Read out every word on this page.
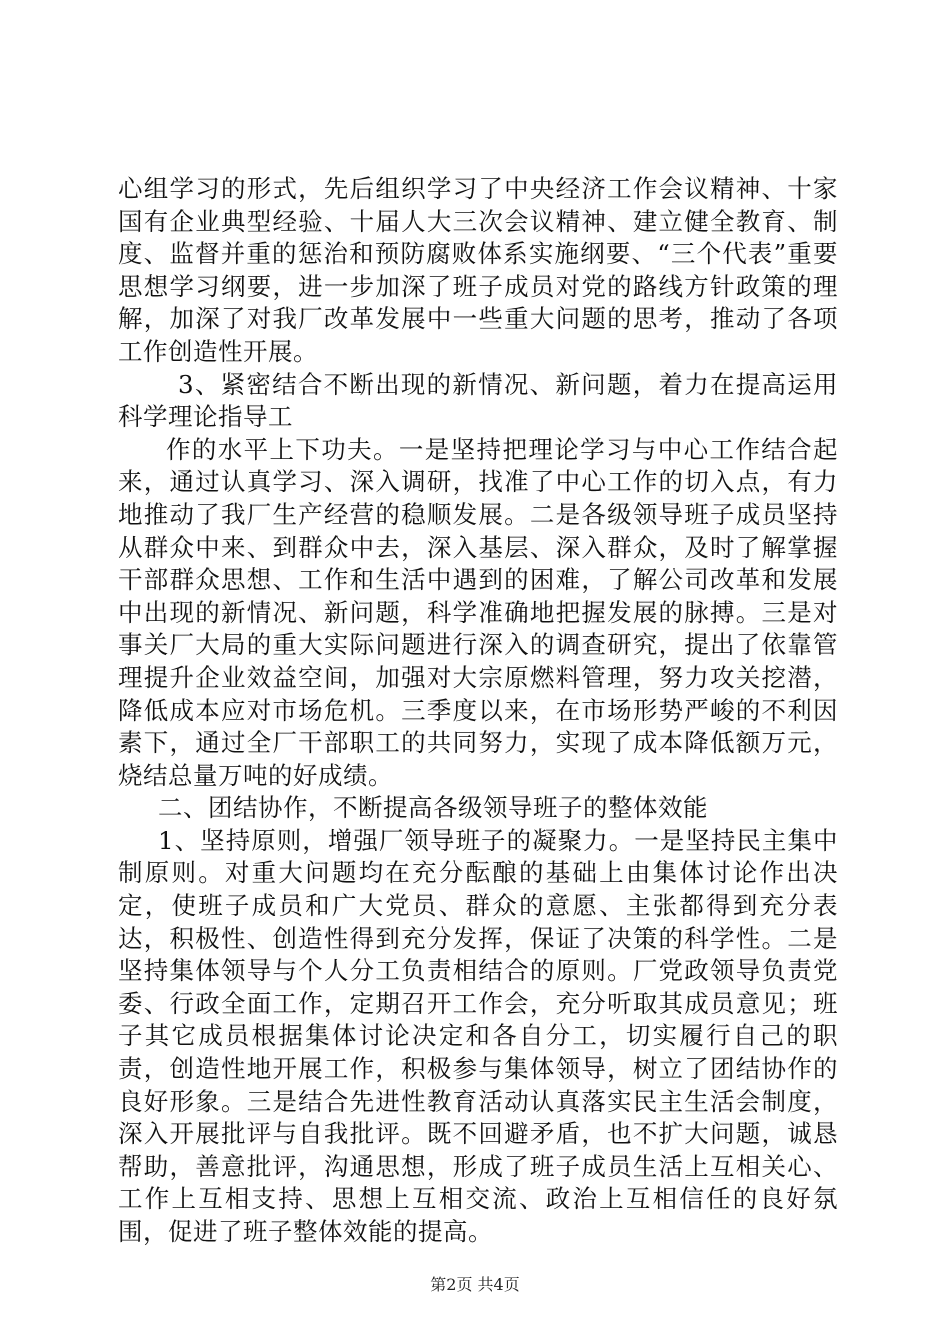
心组学习的形式，先后组织学习了中央经济工作会议精神、十家国有企业典型经验、十届人大三次会议精神、建立健全教育、制度、监督并重的惩治和预防腐败体系实施纲要、“三个代表”重要思想学习纲要，进一步加深了班子成员对党的路线方针政策的理解，加深了对我厂改革发展中一些重大问题的思考，推动了各项工作创造性开展。

3、紧密结合不断出现的新情况、新问题，着力在提高运用科学理论指导工

作的水平上下功夫。一是坚持把理论学习与中心工作结合起来，通过认真学习、深入调研，找准了中心工作的切入点，有力地推动了我厂生产经营的稳顺发展。二是各级领导班子成员坚持从群众中来、到群众中去，深入基层、深入群众，及时了解掌握干部群众思想、工作和生活中遇到的困难，了解公司改革和发展中出现的新情况、新问题，科学准确地把握发展的脉搏。三是对事关厂大局的重大实际问题进行深入的调查研究，提出了依靠管理提升企业效益空间，加强对大宗原燃料管理，努力攻关挖潜，降低成本应对市场危机。三季度以来，在市场形势严峻的不利因素下，通过全厂干部职工的共同努力，实现了成本降低额万元，烧结总量万吨的好成绩。

二、团结协作，不断提高各级领导班子的整体效能

1、坚持原则，增强厂领导班子的凝聚力。一是坚持民主集中制原则。对重大问题均在充分酝酿的基础上由集体讨论作出决定，使班子成员和广大党员、群众的意愿、主张都得到充分表达，积极性、创造性得到充分发挥，保证了决策的科学性。二是坚持集体领导与个人分工负责相结合的原则。厂党政领导负责党委、行政全面工作，定期召开工作会，充分听取其成员意见；班子其它成员根据集体讨论决定和各自分工，切实履行自己的职责，创造性地开展工作，积极参与集体领导，树立了团结协作的良好形象。三是结合先进性教育活动认真落实民主生活会制度，深入开展批评与自我批评。既不回避矛盾，也不扩大问题，诚恳帮助，善意批评，沟通思想，形成了班子成员生活上互相关心、工作上互相支持、思想上互相交流、政治上互相信任的良好氛围，促进了班子整体效能的提高。

第2页 共4页
